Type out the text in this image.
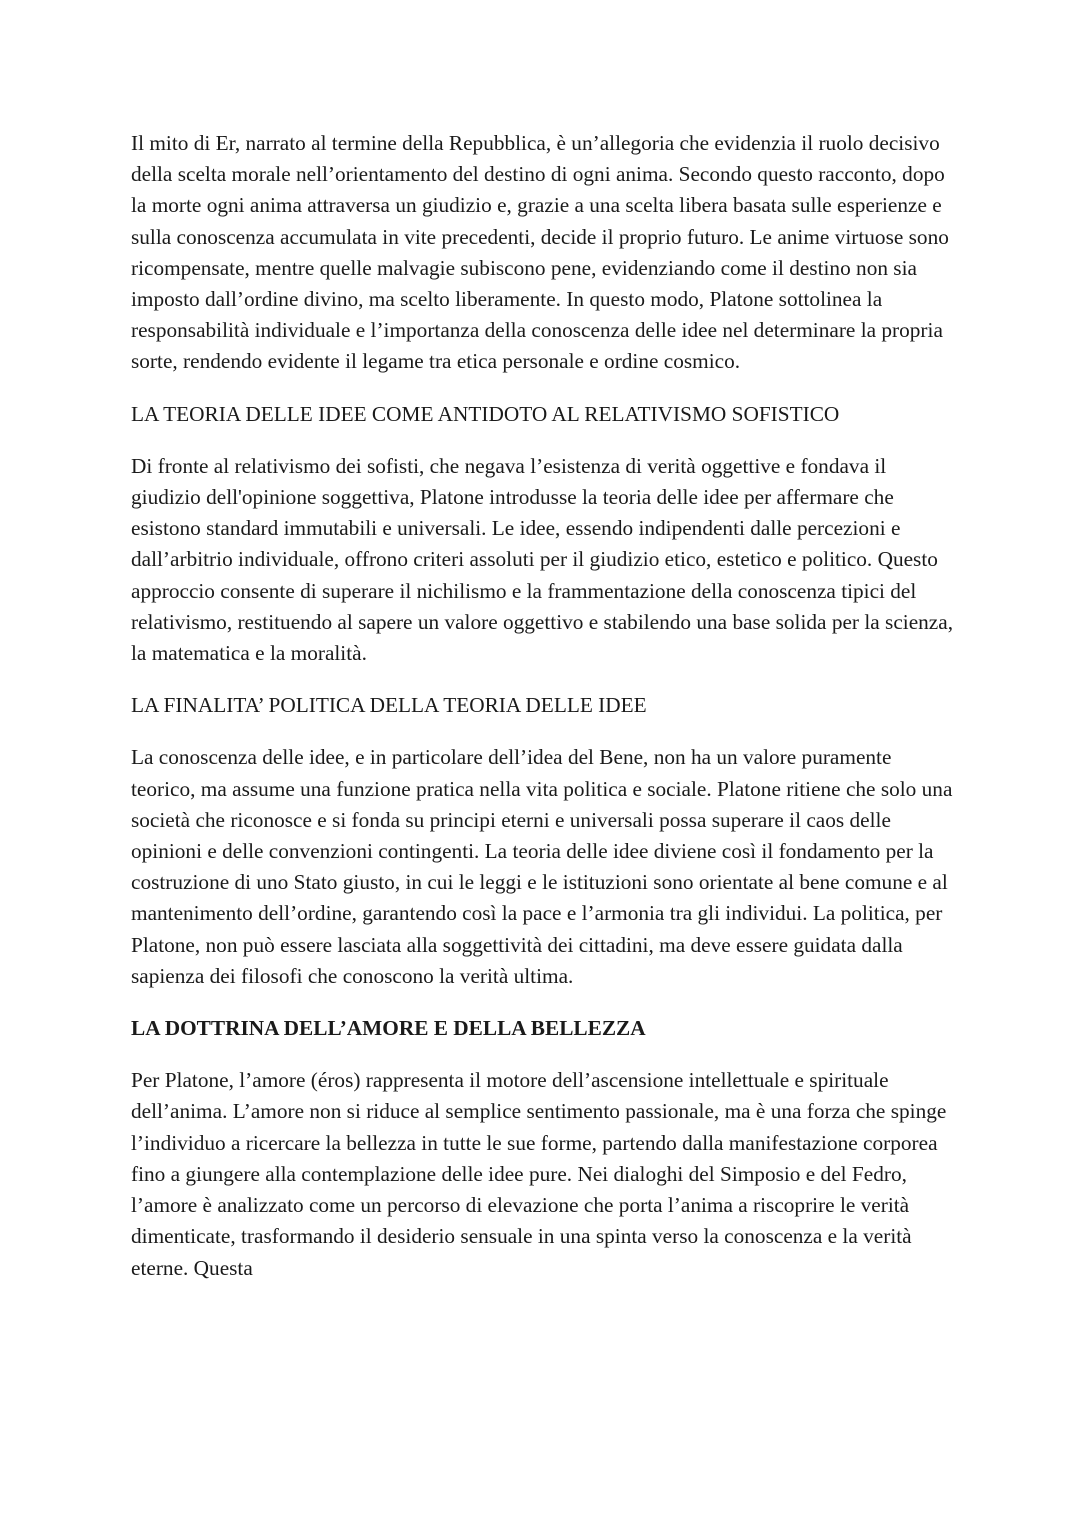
Il mito di Er, narrato al termine della Repubblica, è un’allegoria che evidenzia il ruolo decisivo della scelta morale nell’orientamento del destino di ogni anima. Secondo questo racconto, dopo la morte ogni anima attraversa un giudizio e, grazie a una scelta libera basata sulle esperienze e sulla conoscenza accumulata in vite precedenti, decide il proprio futuro. Le anime virtuose sono ricompensate, mentre quelle malvagie subiscono pene, evidenziando come il destino non sia imposto dall’ordine divino, ma scelto liberamente. In questo modo, Platone sottolinea la responsabilità individuale e l’importanza della conoscenza delle idee nel determinare la propria sorte, rendendo evidente il legame tra etica personale e ordine cosmico.

LA TEORIA DELLE IDEE COME ANTIDOTO AL RELATIVISMO SOFISTICO

Di fronte al relativismo dei sofisti, che negava l’esistenza di verità oggettive e fondava il giudizio dell'opinione soggettiva, Platone introdusse la teoria delle idee per affermare che esistono standard immutabili e universali. Le idee, essendo indipendenti dalle percezioni e dall’arbitrio individuale, offrono criteri assoluti per il giudizio etico, estetico e politico. Questo approccio consente di superare il nichilismo e la frammentazione della conoscenza tipici del relativismo, restituendo al sapere un valore oggettivo e stabilendo una base solida per la scienza, la matematica e la moralità.

LA FINALITA’ POLITICA DELLA TEORIA DELLE IDEE

La conoscenza delle idee, e in particolare dell’idea del Bene, non ha un valore puramente teorico, ma assume una funzione pratica nella vita politica e sociale. Platone ritiene che solo una società che riconosce e si fonda su principi eterni e universali possa superare il caos delle opinioni e delle convenzioni contingenti. La teoria delle idee diviene così il fondamento per la costruzione di uno Stato giusto, in cui le leggi e le istituzioni sono orientate al bene comune e al mantenimento dell’ordine, garantendo così la pace e l’armonia tra gli individui. La politica, per Platone, non può essere lasciata alla soggettività dei cittadini, ma deve essere guidata dalla sapienza dei filosofi che conoscono la verità ultima.

LA DOTTRINA DELL’AMORE E DELLA BELLEZZA

Per Platone, l’amore (éros) rappresenta il motore dell’ascensione intellettuale e spirituale dell’anima. L’amore non si riduce al semplice sentimento passionale, ma è una forza che spinge l’individuo a ricercare la bellezza in tutte le sue forme, partendo dalla manifestazione corporea fino a giungere alla contemplazione delle idee pure. Nei dialoghi del Simposio e del Fedro, l’amore è analizzato come un percorso di elevazione che porta l’anima a riscoprire le verità dimenticate, trasformando il desiderio sensuale in una spinta verso la conoscenza e la verità eterne. Questa
